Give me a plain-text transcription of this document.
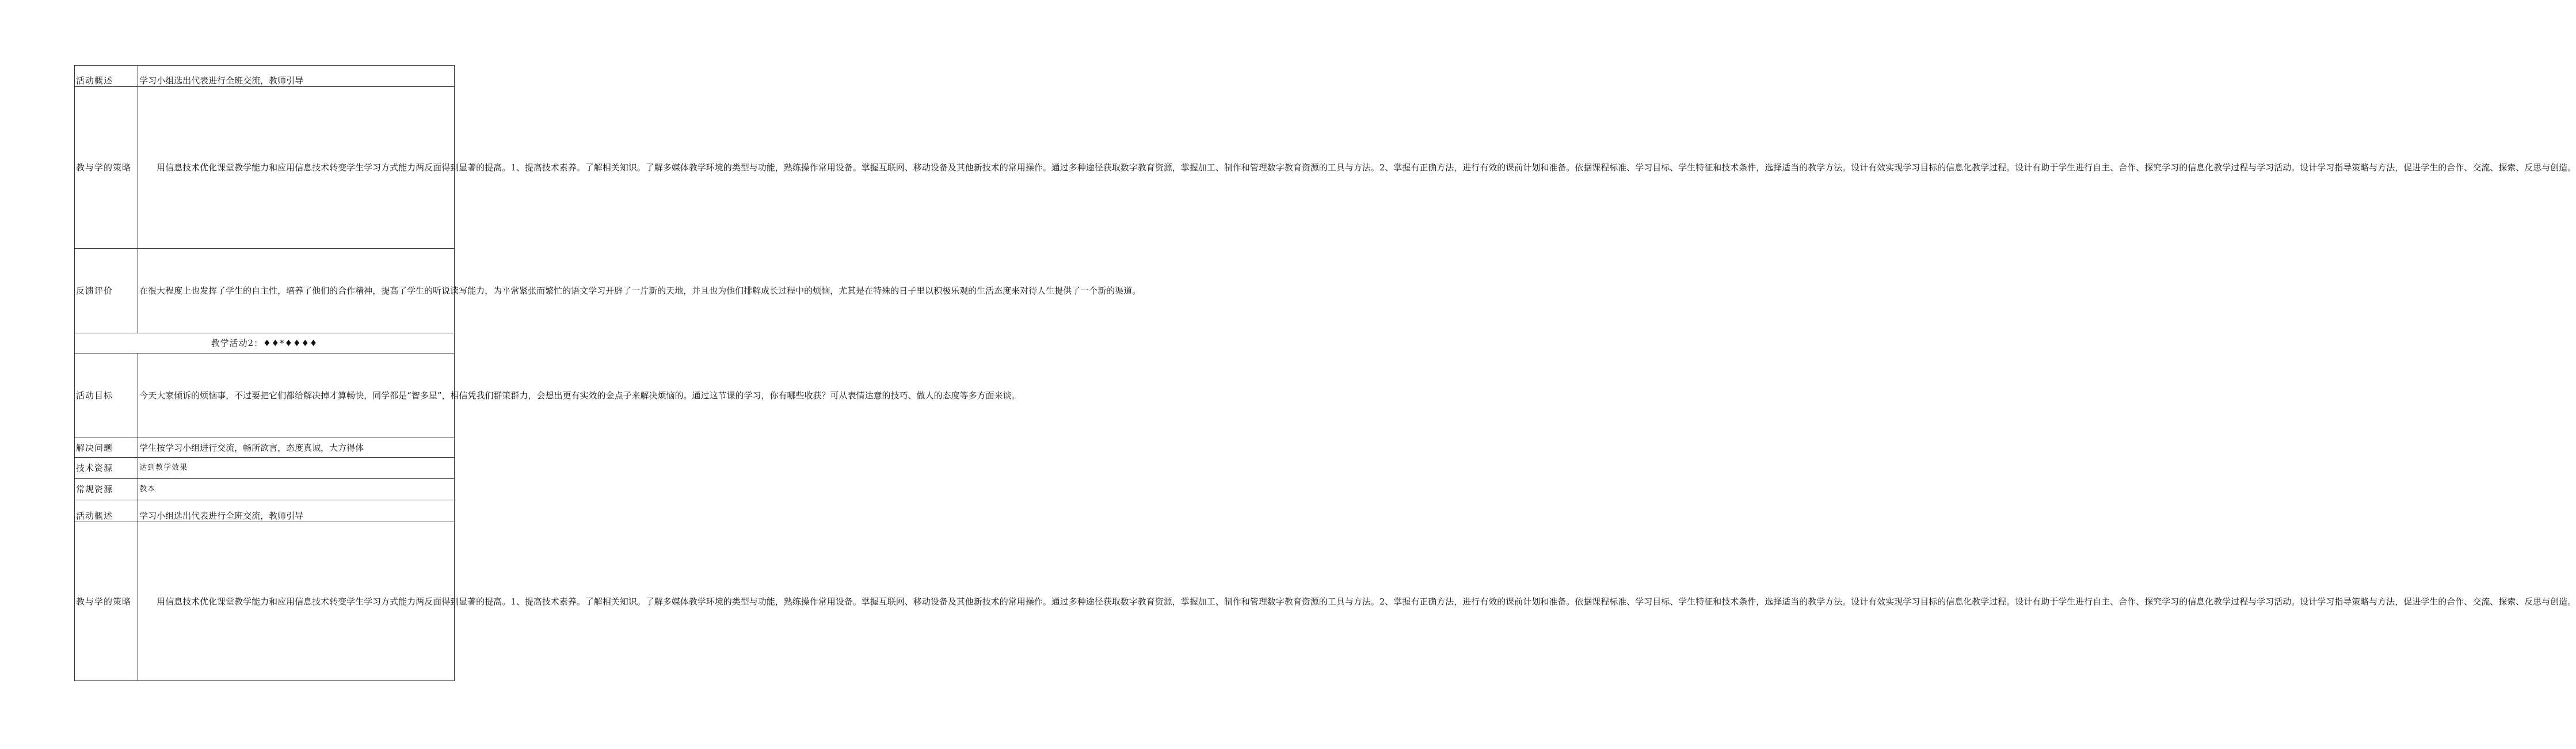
活动概述	学习小组选出代表进行全班交流，教师引导
教与学的策略	用信息技术优化课堂教学能力和应用信息技术转变学生学习方式能力两反面得到显著的提高。1、提高技术素养。了解相关知识。了解多媒体教学环境的类型与功能，熟练操作常用设备。掌握互联网、移动设备及其他新技术的常用操作。通过多种途径获取数字教育资源，掌握加工、制作和管理数字教育资源的工具与方法。2、掌握有正确方法，进行有效的课前计划和准备。依据课程标准、学习目标、学生特征和技术条件，选择适当的教学方法。设计有效实现学习目标的信息化教学过程。设计有助于学生进行自主、合作、探究学习的信息化教学过程与学习活动。设计学习指导策略与方法，促进学生的合作、交流、探索、反思与创造。
反馈评价	在很大程度上也发挥了学生的自主性，培养了他们的合作精神，提高了学生的听说读写能力，为平常紧张而繁忙的语文学习开辟了一片新的天地，并且也为他们排解成长过程中的烦恼，尤其是在特殊的日子里以积极乐观的生活态度来对待人生提供了一个新的渠道。
教学活动2：♦♦*♦♦♦♦	
活动目标	今天大家倾诉的烦恼事，不过要把它们都给解决掉才算畅快，同学都是“智多星”，相信凭我们群策群力，会想出更有实效的金点子来解决烦恼的。通过这节课的学习，你有哪些收获？可从表情达意的技巧、做人的态度等多方面来谈。
解决问题	学生按学习小组进行交流，畅所欲言，态度真诚，大方得体
技术资源	达到教学效果
常规资源	教本
活动概述	学习小组选出代表进行全班交流，教师引导
教与学的策略	用信息技术优化课堂教学能力和应用信息技术转变学生学习方式能力两反面得到显著的提高。1、提高技术素养。了解相关知识。了解多媒体教学环境的类型与功能，熟练操作常用设备。掌握互联网、移动设备及其他新技术的常用操作。通过多种途径获取数字教育资源，掌握加工、制作和管理数字教育资源的工具与方法。2、掌握有正确方法，进行有效的课前计划和准备。依据课程标准、学习目标、学生特征和技术条件，选择适当的教学方法。设计有效实现学习目标的信息化教学过程。设计有助于学生进行自主、合作、探究学习的信息化教学过程与学习活动。设计学习指导策略与方法，促进学生的合作、交流、探索、反思与创造。
